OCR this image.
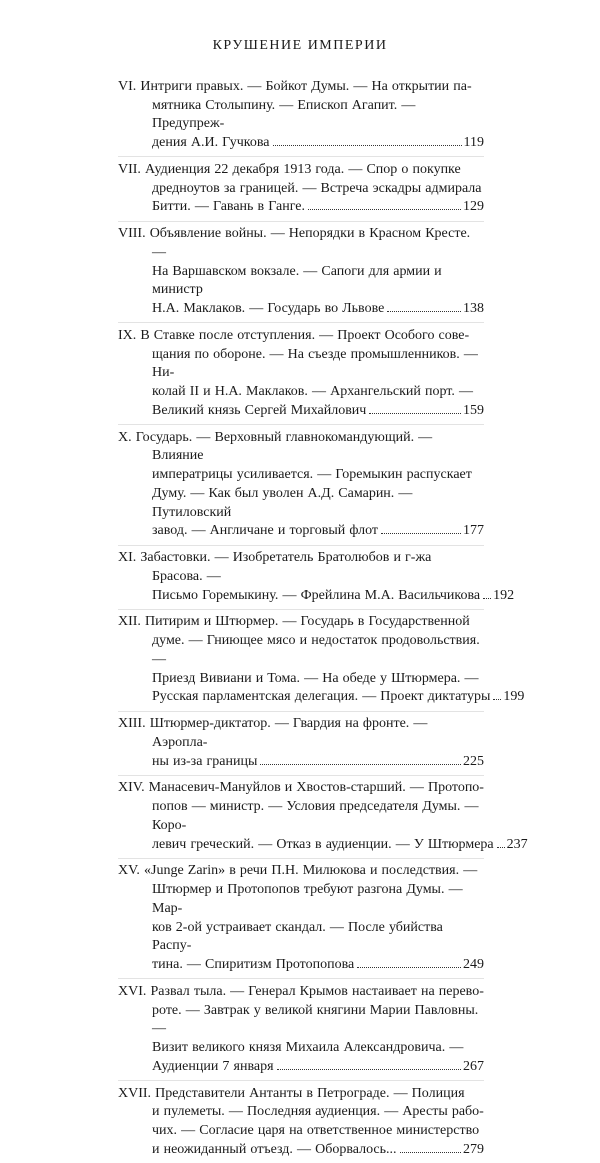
КРУШЕНИЕ ИМПЕРИИ
VI. Интриги правых. — Бойкот Думы. — На открытии па-
мятника Столыпину. — Епископ Агапит. — Предупреж-
дения А.И. Гучкова	119
VII. Аудиенция 22 декабря 1913 года. — Спор о покупке
дредноутов за границей. — Встреча эскадры адмирала
Битти. — Гавань в Ганге.	129
VIII. Объявление войны. — Непорядки в Красном Кресте. —
На Варшавском вокзале. — Сапоги для армии и министр
Н.А. Маклаков. — Государь во Львове	138
IX. В Ставке после отступления. — Проект Особого сове-
щания по обороне. — На съезде промышленников. — Ни-
колай II и Н.А. Маклаков. — Архангельский порт. —
Великий князь Сергей Михайлович	159
X. Государь. — Верховный главнокомандующий. — Влияние
императрицы усиливается. — Горемыкин распускает
Думу. — Как был уволен А.Д. Самарин. — Путиловский
завод. — Англичане и торговый флот	177
XI. Забастовки. — Изобретатель Братолюбов и г-жа Брасова. —
Письмо Горемыкину. — Фрейлина М.А. Васильчикова 192
XII. Питирим и Штюрмер. — Государь в Государственной
думе. — Гниющее мясо и недостаток продовольствия. —
Приезд Вивиани и Тома. — На обеде у Штюрмера. —
Русская парламентская делегация. — Проект диктатуры 199
XIII. Штюрмер-диктатор. — Гвардия на фронте. — Аэропла-
ны из-за границы	225
XIV. Манасевич-Мануйлов и Хвостов-старший. — Протопо-
попов — министр. — Условия председателя Думы. — Коро-
левич греческий. — Отказ в аудиенции. — У Штюрмера 237
XV. «Junge Zarin» в речи П.Н. Милюкова и последствия. —
Штюрмер и Протопопов требуют разгона Думы. — Мар-
ков 2-ой устраивает скандал. — После убийства Распу-
тина. — Спиритизм Протопопова	249
XVI. Развал тыла. — Генерал Крымов настаивает на перево-
роте. — Завтрак у великой княгини Марии Павловны. —
Визит великого князя Михаила Александровича. —
Аудиенции 7 января	267
XVII. Представители Антанты в Петрограде. — Полиция
и пулеметы. — Последняя аудиенция. — Аресты рабо-
чих. — Согласие царя на ответственное министерство
и неожиданный отъезд. — Оборвалось...	279
